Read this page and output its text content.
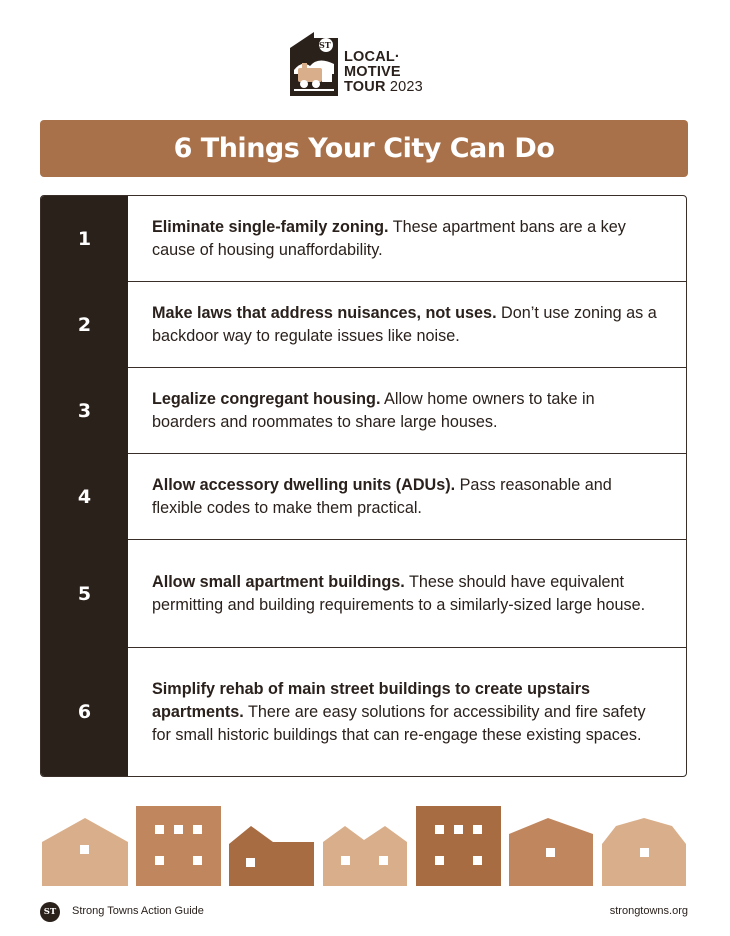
ST
LOCAL·
MOTIVE
TOUR 2023
6 Things Your City Can Do
1
Eliminate single-family zoning. These apartment bans are a key cause of housing unaffordability.
2
Make laws that address nuisances, not uses. Don’t use zoning as a backdoor way to regulate issues like noise.
3
Legalize congregant housing. Allow home owners to take in boarders and roommates to share large houses.
4
Allow accessory dwelling units (ADUs). Pass reasonable and flexible codes to make them practical.
5
Allow small apartment buildings. These should have equivalent permitting and building requirements to a similarly-sized large house.
6
Simplify rehab of main street buildings to create upstairs apartments. There are easy solutions for accessibility and fire safety for small historic buildings that can re-engage these existing spaces.
ST Strong Towns Action Guide	strongtowns.org
